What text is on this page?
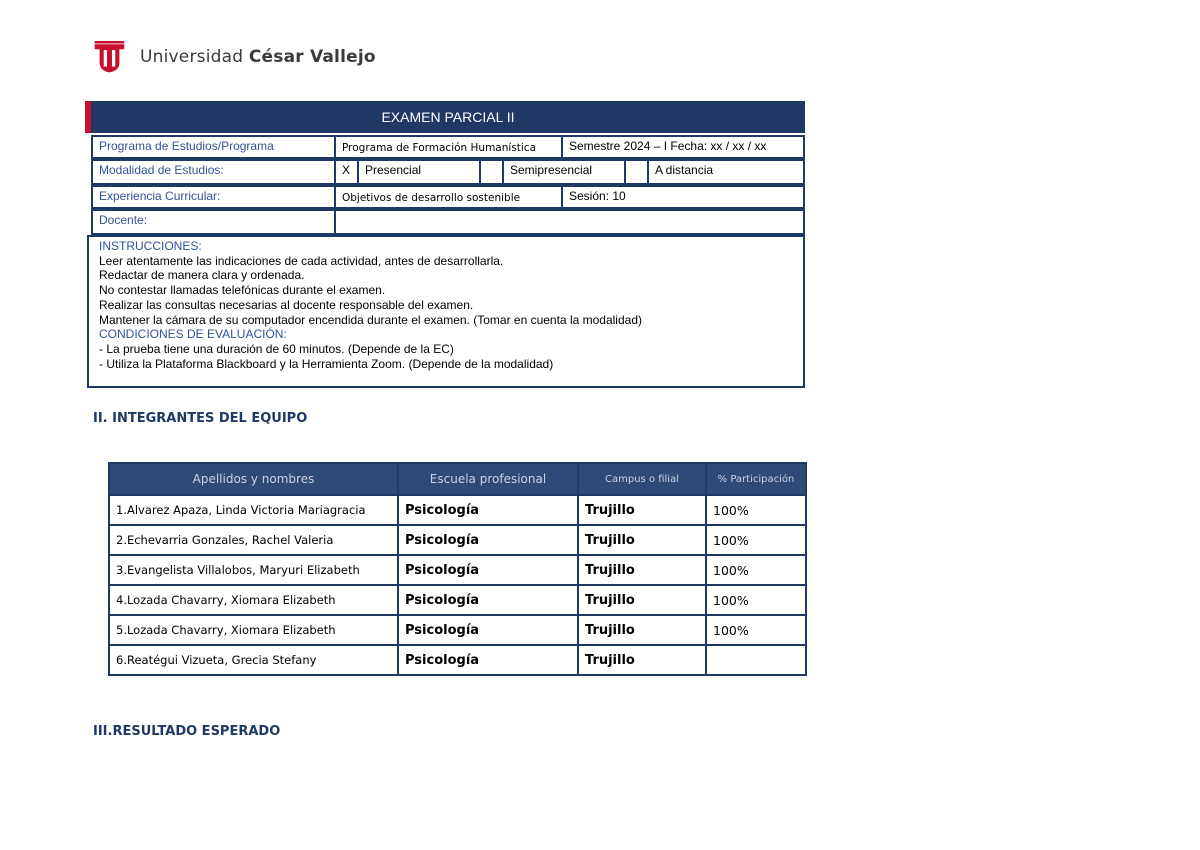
Universidad César Vallejo
EXAMEN PARCIAL II
Programa de Estudios/Programa	Programa de Formación Humanística	Semestre 2024 – I Fecha: xx / xx / xx
Modalidad de Estudios:	X	Presencial	Semipresencial	A distancia
Experiencia Curricular:	Objetivos de desarrollo sostenible	Sesión: 10
Docente:
INSTRUCCIONES:
Leer atentamente las indicaciones de cada actividad, antes de desarrollarla.
Redactar de manera clara y ordenada.
No contestar llamadas telefónicas durante el examen.
Realizar las consultas necesarias al docente responsable del examen.
Mantener la cámara de su computador encendida durante el examen. (Tomar en cuenta la modalidad)
CONDICIONES DE EVALUACIÓN:
- La prueba tiene una duración de 60 minutos. (Depende de la EC)
- Utiliza la Plataforma Blackboard y la Herramienta Zoom. (Depende de la modalidad)
II. INTEGRANTES DEL EQUIPO
Apellidos y nombres	Escuela profesional	Campus o filial	% Participación
1.Alvarez Apaza, Linda Victoria Mariagracia	Psicología	Trujillo	100%
2.Echevarria Gonzales, Rachel Valeria	Psicología	Trujillo	100%
3.Evangelista Villalobos, Maryuri Elizabeth	Psicología	Trujillo	100%
4.Lozada Chavarry, Xiomara Elizabeth	Psicología	Trujillo	100%
5.Lozada Chavarry, Xiomara Elizabeth	Psicología	Trujillo	100%
6.Reatégui Vizueta, Grecia Stefany	Psicología	Trujillo	
III.RESULTADO ESPERADO
